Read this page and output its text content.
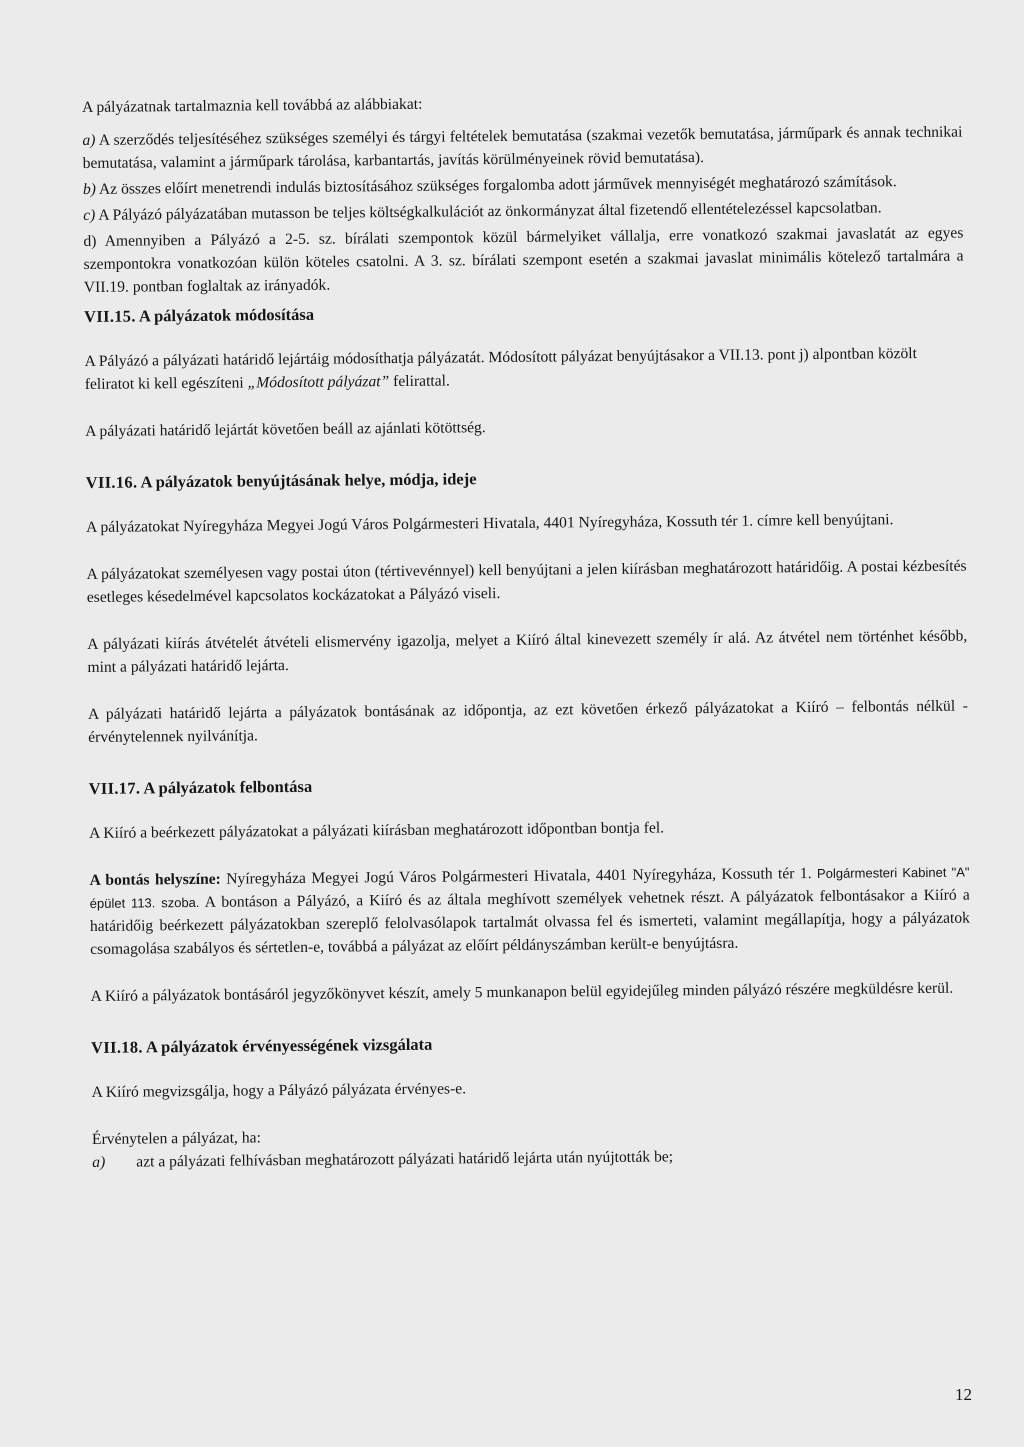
A pályázatnak tartalmaznia kell továbbá az alábbiakat:

a) A szerződés teljesítéséhez szükséges személyi és tárgyi feltételek bemutatása (szakmai vezetők bemutatása, járműpark és annak technikai bemutatása, valamint a járműpark tárolása, karbantartás, javítás körülményeinek rövid bemutatása).

b) Az összes előírt menetrendi indulás biztosításához szükséges forgalomba adott járművek mennyiségét meghatározó számítások.

c) A Pályázó pályázatában mutasson be teljes költségkalkulációt az önkormányzat által fizetendő ellentételezéssel kapcsolatban.

d) Amennyiben a Pályázó a 2-5. sz. bírálati szempontok közül bármelyiket vállalja, erre vonatkozó szakmai javaslatát az egyes szempontokra vonatkozóan külön köteles csatolni. A 3. sz. bírálati szempont esetén a szakmai javaslat minimális kötelező tartalmára a VII.19. pontban foglaltak az irányadók.

VII.15. A pályázatok módosítása

A Pályázó a pályázati határidő lejártáig módosíthatja pályázatát. Módosított pályázat benyújtásakor a VII.13. pont j) alpontban közölt feliratot ki kell egészíteni „Módosított pályázat” felirattal.

A pályázati határidő lejártát követően beáll az ajánlati kötöttség.

VII.16. A pályázatok benyújtásának helye, módja, ideje

A pályázatokat Nyíregyháza Megyei Jogú Város Polgármesteri Hivatala, 4401 Nyíregyháza, Kossuth tér 1. címre kell benyújtani.

A pályázatokat személyesen vagy postai úton (tértivevénnyel) kell benyújtani a jelen kiírásban meghatározott határidőig. A postai kézbesítés esetleges késedelmével kapcsolatos kockázatokat a Pályázó viseli.

A pályázati kiírás átvételét átvételi elismervény igazolja, melyet a Kiíró által kinevezett személy ír alá. Az átvétel nem történhet később, mint a pályázati határidő lejárta.

A pályázati határidő lejárta a pályázatok bontásának az időpontja, az ezt követően érkező pályázatokat a Kiíró – felbontás nélkül - érvénytelennek nyilvánítja.

VII.17. A pályázatok felbontása

A Kiíró a beérkezett pályázatokat a pályázati kiírásban meghatározott időpontban bontja fel.

A bontás helyszíne: Nyíregyháza Megyei Jogú Város Polgármesteri Hivatala, 4401 Nyíregyháza, Kossuth tér 1. Polgármesteri Kabinet "A" épület 113. szoba. A bontáson a Pályázó, a Kiíró és az általa meghívott személyek vehetnek részt. A pályázatok felbontásakor a Kiíró a határidőig beérkezett pályázatokban szereplő felolvasólapok tartalmát olvassa fel és ismerteti, valamint megállapítja, hogy a pályázatok csomagolása szabályos és sértetlen-e, továbbá a pályázat az előírt példányszámban került-e benyújtásra.

A Kiíró a pályázatok bontásáról jegyzőkönyvet készít, amely 5 munkanapon belül egyidejűleg minden pályázó részére megküldésre kerül.

VII.18. A pályázatok érvényességének vizsgálata

A Kiíró megvizsgálja, hogy a Pályázó pályázata érvényes-e.

Érvénytelen a pályázat, ha:

a)	azt a pályázati felhívásban meghatározott pályázati határidő lejárta után nyújtották be;
12
